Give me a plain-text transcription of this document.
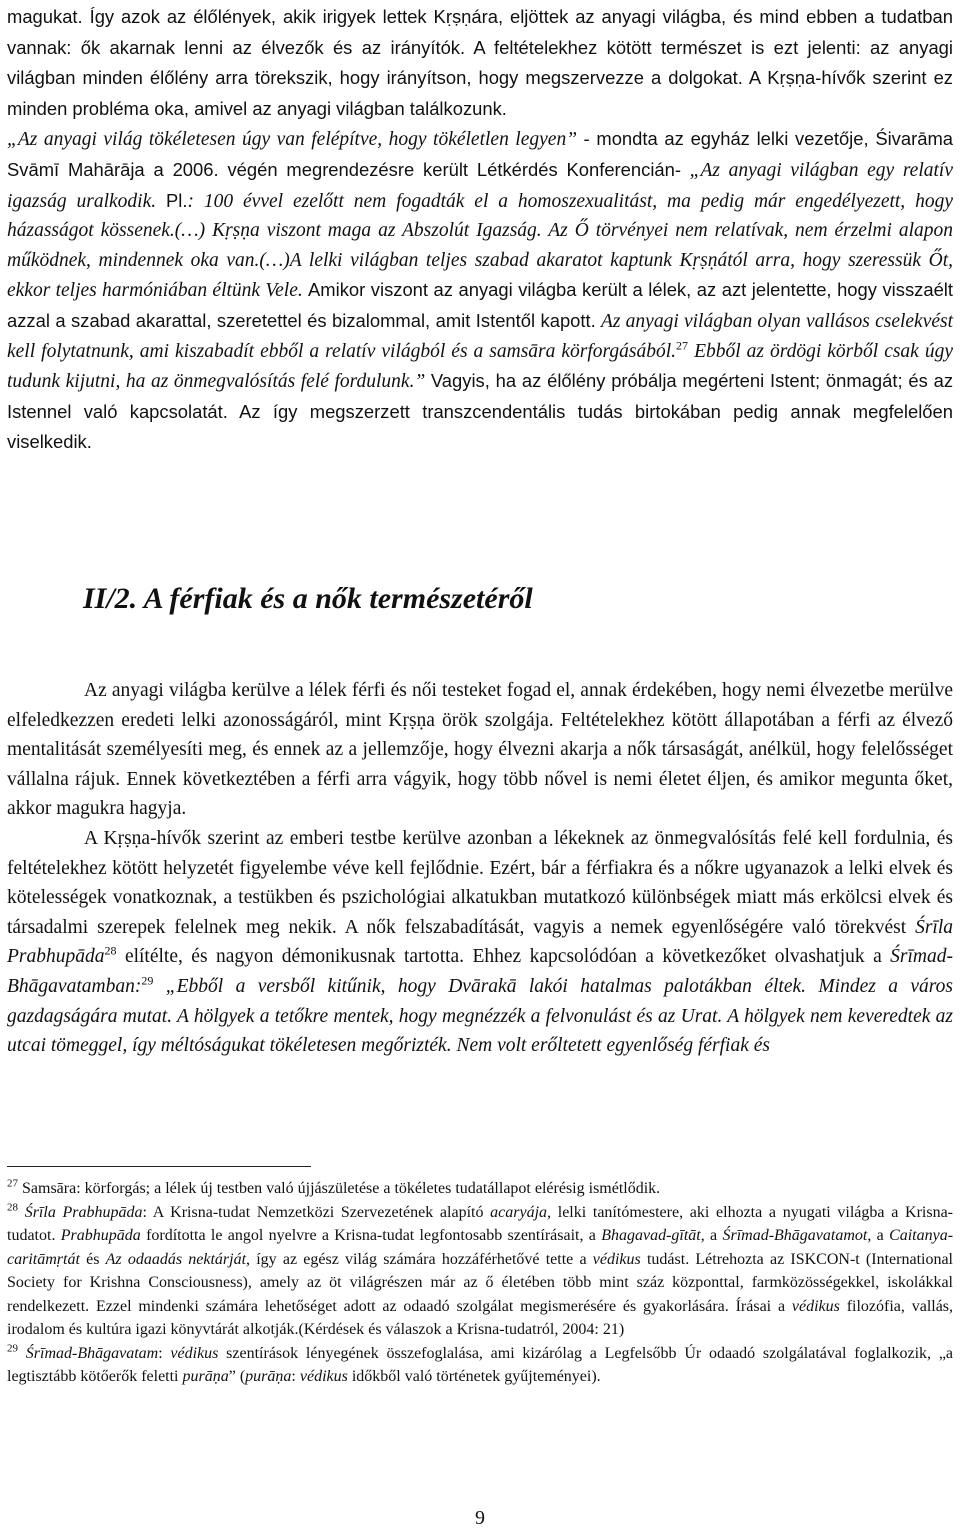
magukat. Így azok az élőlények, akik irigyek lettek Kṛṣṇára, eljöttek az anyagi világba, és mind ebben a tudatban vannak: ők akarnak lenni az élvezők és az irányítók. A feltételekhez kötött természet is ezt jelenti: az anyagi világban minden élőlény arra törekszik, hogy irányítson, hogy megszervezze a dolgokat. A Kṛṣṇa-hívők szerint ez minden probléma oka, amivel az anyagi világban találkozunk.
„Az anyagi világ tökéletesen úgy van felépítve, hogy tökéletlen legyen” - mondta az egyház lelki vezetője, Śivarāma Svāmī Mahārāja a 2006. végén megrendezésre került Létkérdés Konferencián- „Az anyagi világban egy relatív igazság uralkodik. Pl.: 100 évvel ezelőtt nem fogadták el a homoszexualitást, ma pedig már engedélyezett, hogy házasságot kössenek.(…) Kṛṣṇa viszont maga az Abszolút Igazság. Az Ő törvényei nem relatívak, nem érzelmi alapon működnek, mindennek oka van.(…)A lelki világban teljes szabad akaratot kaptunk Kṛṣṇától arra, hogy szeressük Őt, ekkor teljes harmóniában éltünk Vele. Amikor viszont az anyagi világba került a lélek, az azt jelentette, hogy visszaélt azzal a szabad akarattal, szeretettel és bizalommal, amit Istentől kapott. Az anyagi világban olyan vallásos cselekvést kell folytatnunk, ami kiszabadít ebből a relatív világból és a samsāra körforgásából.$^{27}$ Ebből az ördögi körből csak úgy tudunk kijutni, ha az önmegvalósítás felé fordulunk.” Vagyis, ha az élőlény próbálja megérteni Istent; önmagát; és az Istennel való kapcsolatát. Az így megszerzett transzcendentális tudás birtokában pedig annak megfelelően viselkedik.

II/2. A férfiak és a nők természetéről

Az anyagi világba kerülve a lélek férfi és női testeket fogad el, annak érdekében, hogy nemi élvezetbe merülve elfeledkezzen eredeti lelki azonosságáról, mint Kṛṣṇa örök szolgája. Feltételekhez kötött állapotában a férfi az élvező mentalitását személyesíti meg, és ennek az a jellemzője, hogy élvezni akarja a nők társaságát, anélkül, hogy felelősséget vállalna rájuk. Ennek következtében a férfi arra vágyik, hogy több nővel is nemi életet éljen, és amikor megunta őket, akkor magukra hagyja.

A Kṛṣṇa-hívők szerint az emberi testbe kerülve azonban a lékeknek az önmegvalósítás felé kell fordulnia, és feltételekhez kötött helyzetét figyelembe véve kell fejlődnie. Ezért, bár a férfiakra és a nőkre ugyanazok a lelki elvek és kötelességek vonatkoznak, a testükben és pszichológiai alkatukban mutatkozó különbségek miatt más erkölcsi elvek és társadalmi szerepek felelnek meg nekik. A nők felszabadítását, vagyis a nemek egyenlőségére való törekvést Śrīla Prabhupāda$^{28}$ elítélte, és nagyon démonikusnak tartotta. Ehhez kapcsolódóan a következőket olvashatjuk a Śrīmad-Bhāgavatamban:$^{29}$ „Ebből a versből kitűnik, hogy Dvārakā lakói hatalmas palotákban éltek. Mindez a város gazdagságára mutat. A hölgyek a tetőkre mentek, hogy megnézzék a felvonulást és az Urat. A hölgyek nem keveredtek az utcai tömeggel, így méltóságukat tökéletesen megőrizték. Nem volt erőltetett egyenlőség férfiak és

$^{27}$ Samsāra: körforgás; a lélek új testben való újjászületése a tökéletes tudatállapot elérésig ismétlődik.

$^{28}$ Śrīla Prabhupāda: A Krisna-tudat Nemzetközi Szervezetének alapító acaryája, lelki tanítómestere, aki elhozta a nyugati világba a Krisna-tudatot. Prabhupāda fordította le angol nyelvre a Krisna-tudat legfontosabb szentírásait, a Bhagavad-gītāt, a Śrīmad-Bhāgavatamot, a Caitanya-caritāmṛtát és Az odaadás nektárját, így az egész világ számára hozzáférhetővé tette a védikus tudást. Létrehozta az ISKCON-t (International Society for Krishna Consciousness), amely az öt világrészen már az ő életében több mint száz központtal, farmközösségekkel, iskolákkal rendelkezett. Ezzel mindenki számára lehetőséget adott az odaadó szolgálat megismerésére és gyakorlására. Írásai a védikus filozófia, vallás, irodalom és kultúra igazi könyvtárát alkotják.(Kérdések és válaszok a Krisna-tudatról, 2004: 21)

$^{29}$ Śrīmad-Bhāgavatam: védikus szentírások lényegének összefoglalása, ami kizárólag a Legfelsőbb Úr odaadó szolgálatával foglalkozik, „a legtisztább kötőerők feletti purāṇa” (purāṇa: védikus időkből való történetek gyűjteményei).

9
